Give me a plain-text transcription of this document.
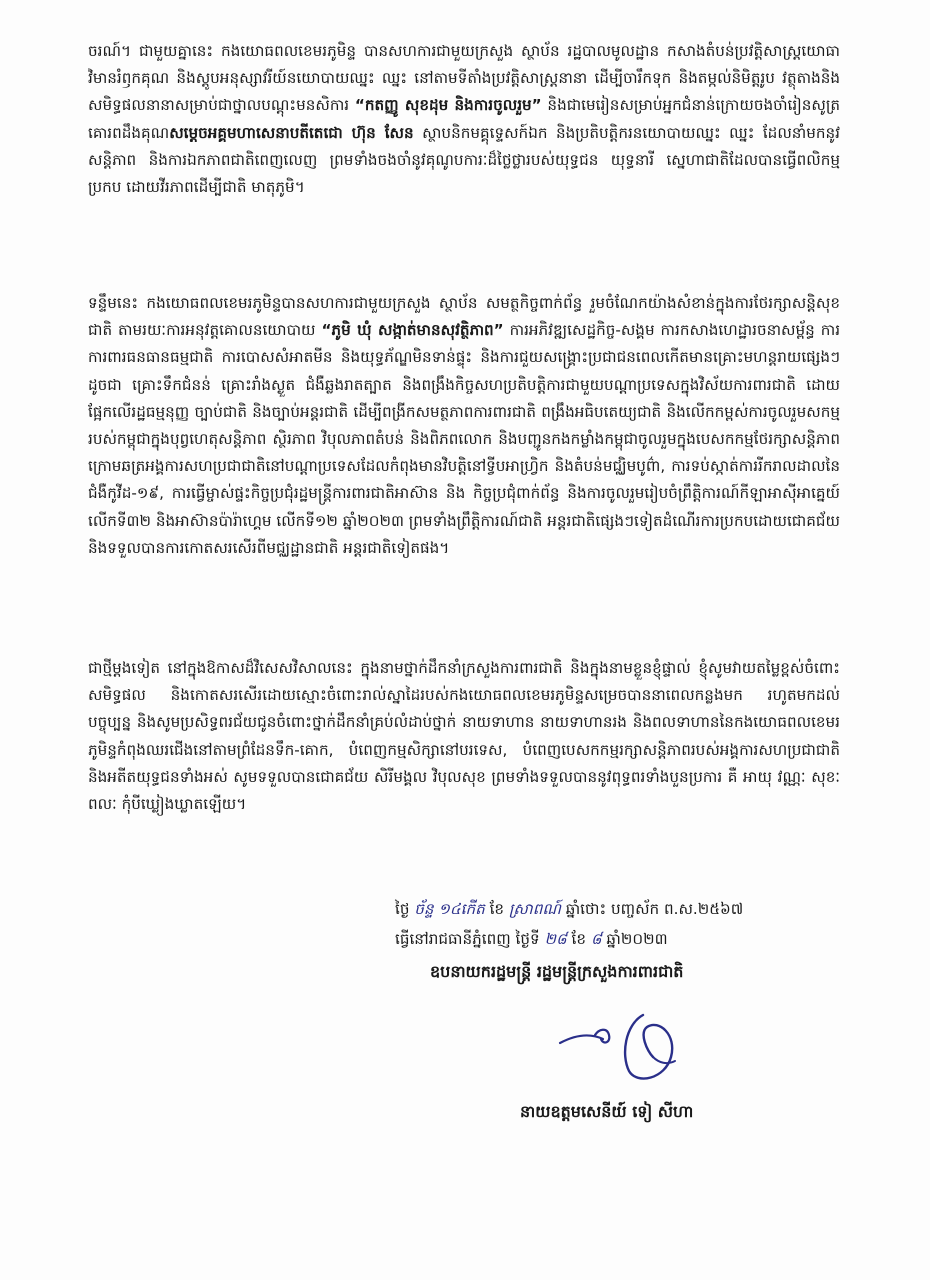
ចរណ៍។ ជាមួយគ្នានេះ កងយោធពលខេមរភូមិន្ទ បានសហការជាមួយក្រសួង ស្ថាប័ន រដ្ឋបាលមូលដ្ឋាន កសាងតំបន់ប្រវត្តិសាស្ត្រយោធា វិមានរំឭកគុណ និងស្តូបអនុស្សាវរីយ៍នយោបាយឈ្នះ ឈ្នះ នៅតាមទីតាំងប្រវត្តិសាស្ត្រនានា ដើម្បីចារឹកទុក និងតម្កល់និមិត្តរូប វត្ថុតាងនិងសមិទ្ធផលនានាសម្រាប់ជាថ្នាលបណ្តុះមនសិការ “កតញ្ញូ សុខដុម និងការចូលរួម” និងជាមេរៀនសម្រាប់អ្នកជំនាន់ក្រោយចងចាំរៀនសូត្រ គោរពដឹងគុណសម្តេចអគ្គមហាសេនាបតីតេជោ ហ៊ុន សែន ស្ថាបនិកមគ្គុទ្ទេសក៍ឯក និងប្រតិបត្តិករនយោបាយឈ្នះ ឈ្នះ ដែលនាំមកនូវសន្តិភាព និងការឯកភាពជាតិពេញលេញ ព្រមទាំងចងចាំនូវគុណូបការៈដ៏ថ្លៃថ្លារបស់យុទ្ធជន យុទ្ធនារី ស្នេហាជាតិដែលបានធ្វើពលិកម្មប្រកប ដោយវីរភាពដើម្បីជាតិ មាតុភូមិ។

ទន្ទឹមនេះ កងយោធពលខេមរភូមិន្ទបានសហការជាមួយក្រសួង ស្ថាប័ន សមត្ថកិច្ចពាក់ព័ន្ធ រួមចំណែកយ៉ាងសំខាន់ក្នុងការថែរក្សាសន្តិសុខជាតិ តាមរយៈការអនុវត្តគោលនយោបាយ “ភូមិ ឃុំ សង្កាត់មានសុវត្ថិភាព” ការអភិវឌ្ឍសេដ្ឋកិច្ច-សង្គម ការកសាងហេដ្ឋារចនាសម្ព័ន្ធ ការការពារធនធានធម្មជាតិ ការបោសសំអាតមីន និងយុទ្ធភ័ណ្ឌមិនទាន់ផ្ទុះ និងការជួយសង្គ្រោះប្រជាជនពេលកើតមានគ្រោះមហន្តរាយផ្សេងៗ ដូចជា គ្រោះទឹកជំនន់ គ្រោះរាំងស្ងួត ជំងឺឆ្លងរាតត្បាត និងពង្រឹងកិច្ចសហប្រតិបត្តិការជាមួយបណ្តាប្រទេសក្នុងវិស័យការពារជាតិ ដោយផ្អែកលើរដ្ឋធម្មនុញ្ញ ច្បាប់ជាតិ និងច្បាប់អន្តរជាតិ ដើម្បីពង្រីកសមត្ថភាពការពារជាតិ ពង្រឹងអធិបតេយ្យជាតិ និងលើកកម្ពស់ការចូលរួមសកម្មរបស់កម្ពុជាក្នុងបុព្វហេតុសន្តិភាព ស្ថិរភាព វិបុលភាពតំបន់ និងពិភពលោក និងបញ្ជូនកងកម្លាំងកម្ពុជាចូលរួមក្នុងបេសកកម្មថែរក្សាសន្តិភាព ក្រោមឆត្រអង្គការសហប្រជាជាតិនៅបណ្តាប្រទេសដែលកំពុងមានវិបត្តិនៅទ្វីបអាហ្វ្រិក និងតំបន់មជ្ឈិមបូព៌ា, ការទប់ស្កាត់ការរីករាលដាលនៃជំងឺកូវីដ-១៩, ការធ្វើម្ចាស់ផ្ទះកិច្ចប្រជុំរដ្ឋមន្ត្រីការពារជាតិអាស៊ាន និង កិច្ចប្រជុំពាក់ព័ន្ធ និងការចូលរួមរៀបចំព្រឹត្តិការណ៍កីឡាអាស៊ីអាគ្នេយ៍ លើកទី៣២ និងអាស៊ានប៉ារ៉ាហ្គេម លើកទី១២ ឆ្នាំ២០២៣ ព្រមទាំងព្រឹត្តិការណ៍ជាតិ អន្តរជាតិផ្សេងៗទៀតដំណើរការប្រកបដោយជោគជ័យ និងទទួលបានការកោតសរសើរពីមជ្ឈដ្ឋានជាតិ អន្តរជាតិទៀតផង។

ជាថ្មីម្តងទៀត នៅក្នុងឱកាសដ៏វិសេសវិសាលនេះ ក្នុងនាមថ្នាក់ដឹកនាំក្រសួងការពារជាតិ និងក្នុងនាមខ្លួនខ្ញុំផ្ទាល់ ខ្ញុំសូមវាយតម្លៃខ្ពស់ចំពោះសមិទ្ធផល និងកោតសរសើរដោយស្មោះចំពោះរាល់ស្នាដៃរបស់កងយោធពលខេមរភូមិន្ទសម្រេចបាននាពេលកន្លងមក រហូតមកដល់បច្ចុប្បន្ន និងសូមប្រសិទ្ធពរជ័យជូនចំពោះថ្នាក់ដឹកនាំគ្រប់លំដាប់ថ្នាក់ នាយទាហាន នាយទាហានរង និងពលទាហាននៃកងយោធពលខេមរភូមិន្ទកំពុងឈរជើងនៅតាមព្រំដែនទឹក-គោក, បំពេញកម្មសិក្សានៅបរទេស, បំពេញបេសកកម្មរក្សាសន្តិភាពរបស់អង្គការសហប្រជាជាតិ និងអតីតយុទ្ធជនទាំងអស់ សូមទទួលបានជោគជ័យ សិរីមង្គល វិបុលសុខ ព្រមទាំងទទួលបាននូវពុទ្ធពរទាំងបួនប្រការ គឺ អាយុ វណ្ណៈ សុខៈ ពលៈ កុំបីឃ្លៀងឃ្លាតឡើយ។

ថ្ងៃ ច័ន្ទ ១៤កើត ខែ ស្រាពណ៍ ឆ្នាំថោះ បញ្ចស័ក ព.ស.២៥៦៧
ធ្វើនៅរាជធានីភ្នំពេញ ថ្ងៃទី ២៨ ខែ ៨ ឆ្នាំ២០២៣
ឧបនាយករដ្ឋមន្ត្រី រដ្ឋមន្ត្រីក្រសួងការពារជាតិ
នាយឧត្តមសេនីយ៍ ទៀ សីហា
